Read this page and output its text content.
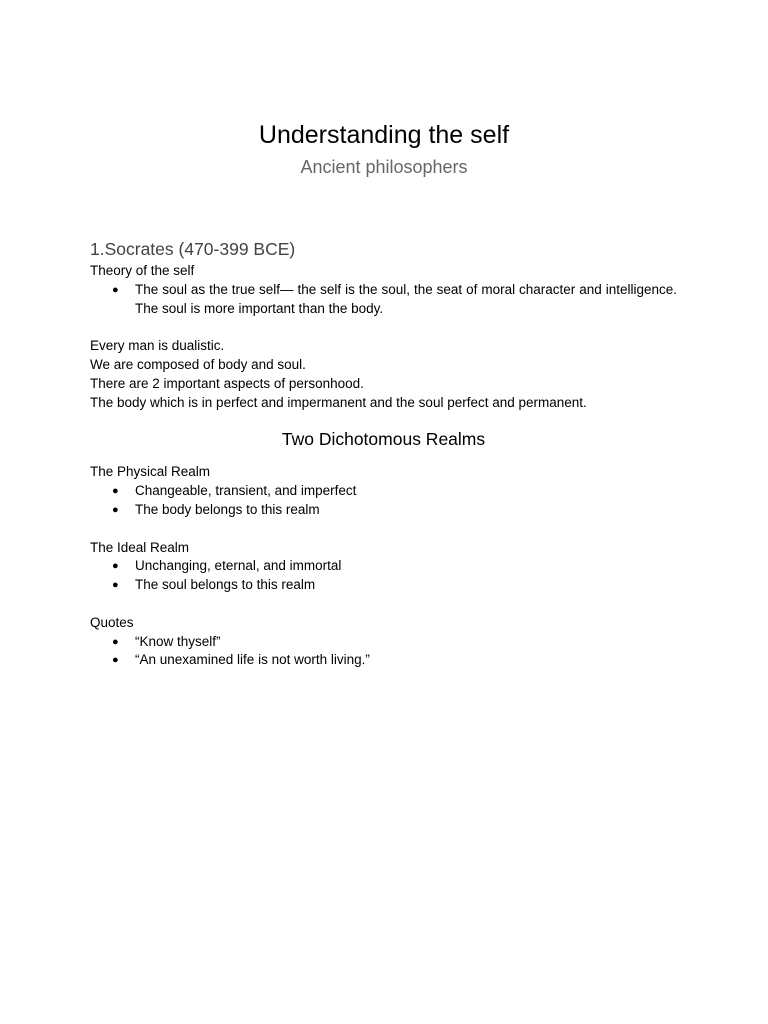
Understanding the self
Ancient philosophers

1.Socrates (470-399 BCE)

Theory of the self

● The soul as the true self— the self is the soul, the seat of moral character and intelligence. The soul is more important than the body.

Every man is dualistic.

We are composed of body and soul.

There are 2 important aspects of personhood.

The body which is in perfect and impermanent and the soul perfect and permanent.

Two Dichotomous Realms

The Physical Realm

● Changeable, transient, and imperfect
● The body belongs to this realm

The Ideal Realm

● Unchanging, eternal, and immortal
● The soul belongs to this realm

Quotes

● “Know thyself”
● “An unexamined life is not worth living.”
